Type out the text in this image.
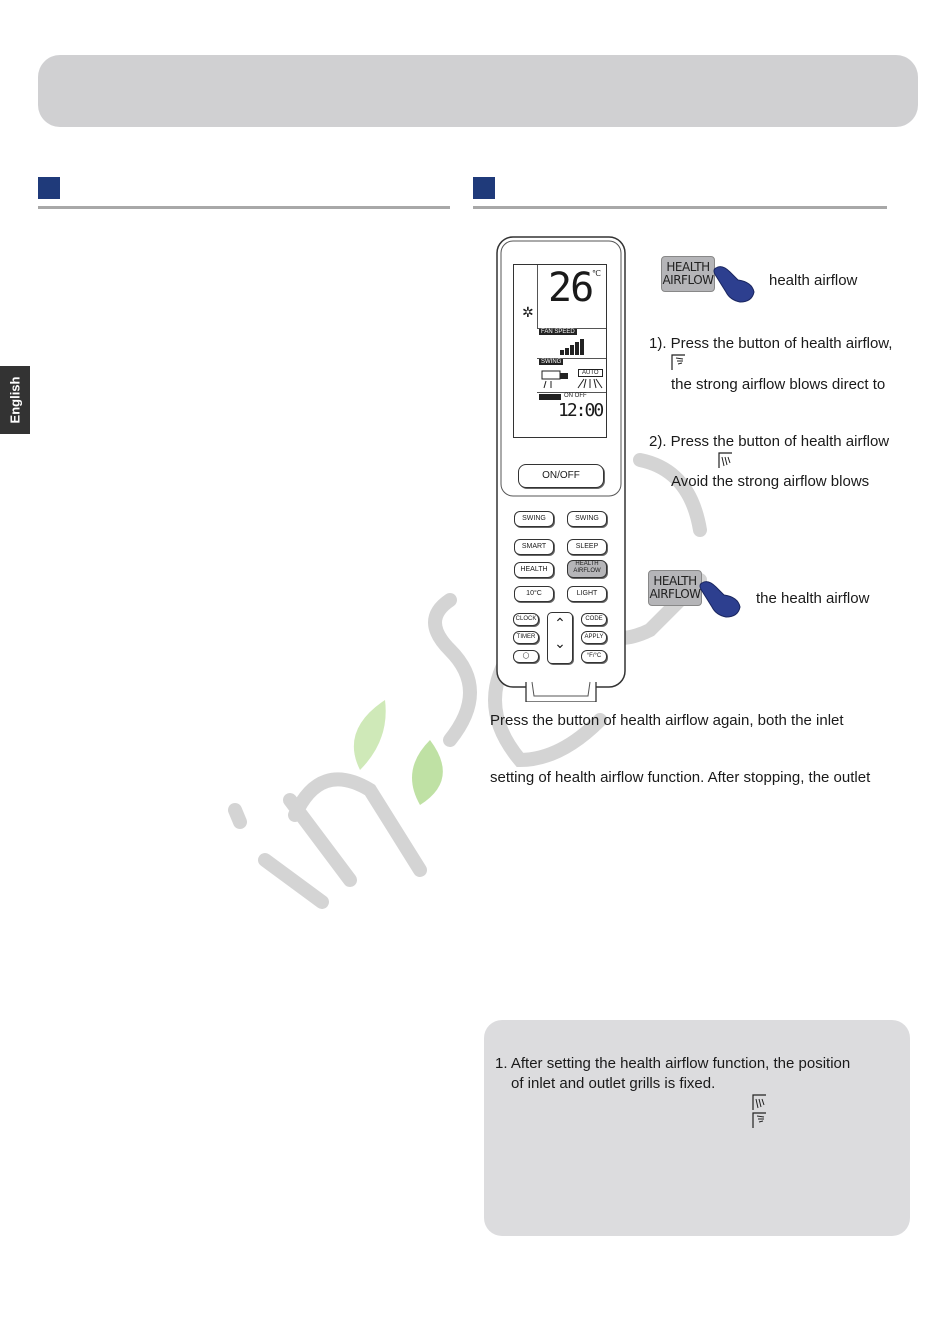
English
✲
26 ℃
FAN SPEED
SWING
AUTO
ON OFF
12:00
ON/OFF
SWING	SWING
SMART	SLEEP
HEALTH
HEALTH
AIRFLOW
10°C	LIGHT
CLOCK	CODE
TIMER	APPLY
◯	°F/°C
⌃
⌄
HEALTH
AIRFLOW	health airflow
1). Press the button of health airflow,
the strong airflow blows direct to
2). Press the button of health airflow
Avoid the strong airflow blows
HEALTH
AIRFLOW	the health airflow
Press the button of health airflow again, both the inlet
setting of health airflow function. After stopping, the outlet
1. After setting the health airflow function, the position
of inlet and outlet grills is fixed.
